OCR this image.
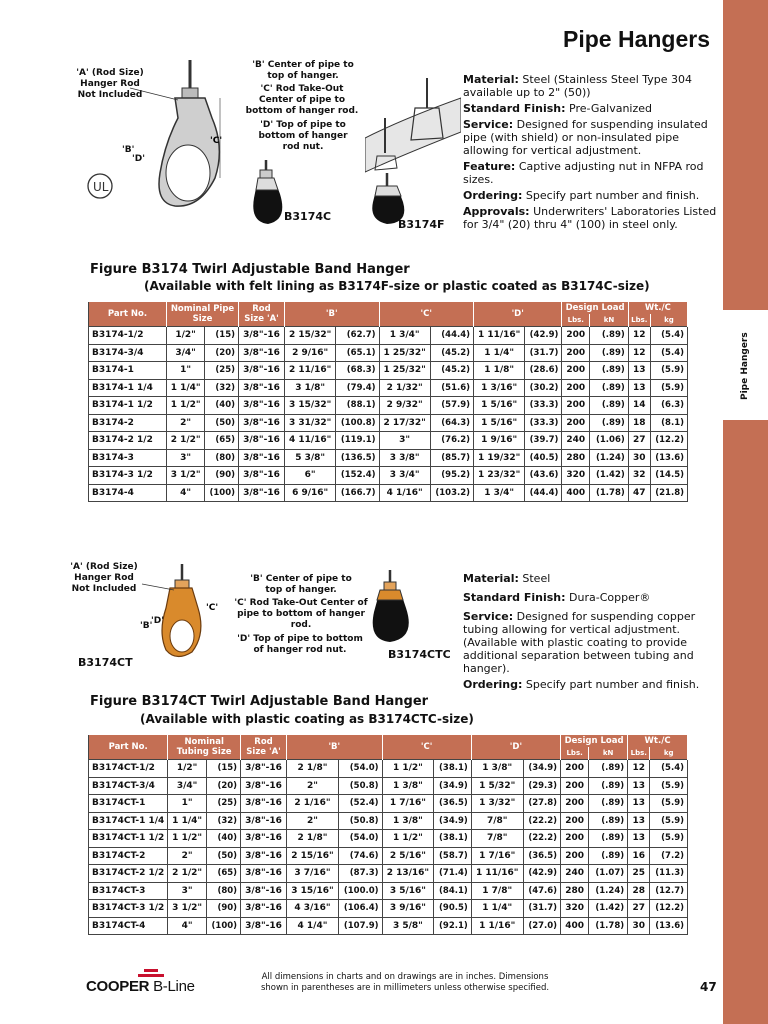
Pipe Hangers
Pipe Hangers
'A' (Rod Size) Hanger Rod Not Included
'C'
'B'
'D'
UL
'B' Center of pipe to top of hanger.
'C' Rod Take-Out Center of pipe to bottom of hanger rod.
'D' Top of pipe to bottom of hanger rod nut.
B3174C
B3174F
Material: Steel (Stainless Steel Type 304 available up to 2" (50))
Standard Finish: Pre-Galvanized
Service: Designed for suspending insulated pipe (with shield) or non-insulated pipe allowing for vertical adjustment.
Feature: Captive adjusting nut in NFPA rod sizes.
Ordering: Specify part number and finish.
Approvals: Underwriters' Laboratories Listed for 3/4" (20) thru 4" (100) in steel only.
Figure B3174 Twirl Adjustable Band Hanger
(Available with felt lining as B3174F-size or plastic coated as B3174C-size)
Part No.	Nominal Pipe Size		Rod Size 'A'	'B'		'C'		'D'		Design Load		Wt./C	
										Lbs.	kN	Lbs.	kg
B3174-1/2	1/2"	(15)	3/8"-16	2 15/32"	(62.7)	1 3/4"	(44.4)	1 11/16"	(42.9)	200	(.89)	12	(5.4)
B3174-3/4	3/4"	(20)	3/8"-16	2 9/16"	(65.1)	1 25/32"	(45.2)	1 1/4"	(31.7)	200	(.89)	12	(5.4)
B3174-1	1"	(25)	3/8"-16	2 11/16"	(68.3)	1 25/32"	(45.2)	1 1/8"	(28.6)	200	(.89)	13	(5.9)
B3174-1 1/4	1 1/4"	(32)	3/8"-16	3 1/8"	(79.4)	2 1/32"	(51.6)	1 3/16"	(30.2)	200	(.89)	13	(5.9)
B3174-1 1/2	1 1/2"	(40)	3/8"-16	3 15/32"	(88.1)	2 9/32"	(57.9)	1 5/16"	(33.3)	200	(.89)	14	(6.3)
B3174-2	2"	(50)	3/8"-16	3 31/32"	(100.8)	2 17/32"	(64.3)	1 5/16"	(33.3)	200	(.89)	18	(8.1)
B3174-2 1/2	2 1/2"	(65)	3/8"-16	4 11/16"	(119.1)	3"	(76.2)	1 9/16"	(39.7)	240	(1.06)	27	(12.2)
B3174-3	3"	(80)	3/8"-16	5 3/8"	(136.5)	3 3/8"	(85.7)	1 19/32"	(40.5)	280	(1.24)	30	(13.6)
B3174-3 1/2	3 1/2"	(90)	3/8"-16	6"	(152.4)	3 3/4"	(95.2)	1 23/32"	(43.6)	320	(1.42)	32	(14.5)
B3174-4	4"	(100)	3/8"-16	6 9/16"	(166.7)	4 1/16"	(103.2)	1 3/4"	(44.4)	400	(1.78)	47	(21.8)
'A' (Rod Size) Hanger Rod Not Included
'C'
'B'
'D'
B3174CT
'B' Center of pipe to top of hanger.
'C' Rod Take-Out Center of pipe to bottom of hanger rod.
'D' Top of pipe to bottom of hanger rod nut.	B3174CTC
Material: Steel
Standard Finish: Dura-Copper®
Service: Designed for suspending copper tubing allowing for vertical adjustment. (Available with plastic coating to provide additional separation between tubing and hanger).
Ordering: Specify part number and finish.
Figure B3174CT Twirl Adjustable Band Hanger
(Available with plastic coating as B3174CTC-size)
Part No.	Nominal Tubing Size		Rod Size 'A'	'B'		'C'		'D'		Design Load		Wt./C	
										Lbs.	kN	Lbs.	kg
B3174CT-1/2	1/2"	(15)	3/8"-16	2 1/8"	(54.0)	1 1/2"	(38.1)	1 3/8"	(34.9)	200	(.89)	12	(5.4)
B3174CT-3/4	3/4"	(20)	3/8"-16	2"	(50.8)	1 3/8"	(34.9)	1 5/32"	(29.3)	200	(.89)	13	(5.9)
B3174CT-1	1"	(25)	3/8"-16	2 1/16"	(52.4)	1 7/16"	(36.5)	1 3/32"	(27.8)	200	(.89)	13	(5.9)
B3174CT-1 1/4	1 1/4"	(32)	3/8"-16	2"	(50.8)	1 3/8"	(34.9)	7/8"	(22.2)	200	(.89)	13	(5.9)
B3174CT-1 1/2	1 1/2"	(40)	3/8"-16	2 1/8"	(54.0)	1 1/2"	(38.1)	7/8"	(22.2)	200	(.89)	13	(5.9)
B3174CT-2	2"	(50)	3/8"-16	2 15/16"	(74.6)	2 5/16"	(58.7)	1 7/16"	(36.5)	200	(.89)	16	(7.2)
B3174CT-2 1/2	2 1/2"	(65)	3/8"-16	3 7/16"	(87.3)	2 13/16"	(71.4)	1 11/16"	(42.9)	240	(1.07)	25	(11.3)
B3174CT-3	3"	(80)	3/8"-16	3 15/16"	(100.0)	3 5/16"	(84.1)	1 7/8"	(47.6)	280	(1.24)	28	(12.7)
B3174CT-3 1/2	3 1/2"	(90)	3/8"-16	4 3/16"	(106.4)	3 9/16"	(90.5)	1 1/4"	(31.7)	320	(1.42)	27	(12.2)
B3174CT-4	4"	(100)	3/8"-16	4 1/4"	(107.9)	3 5/8"	(92.1)	1 1/16"	(27.0)	400	(1.78)	30	(13.6)
COOPER B-Line
All dimensions in charts and on drawings are in inches. Dimensions shown in parentheses are in millimeters unless otherwise specified.	47
